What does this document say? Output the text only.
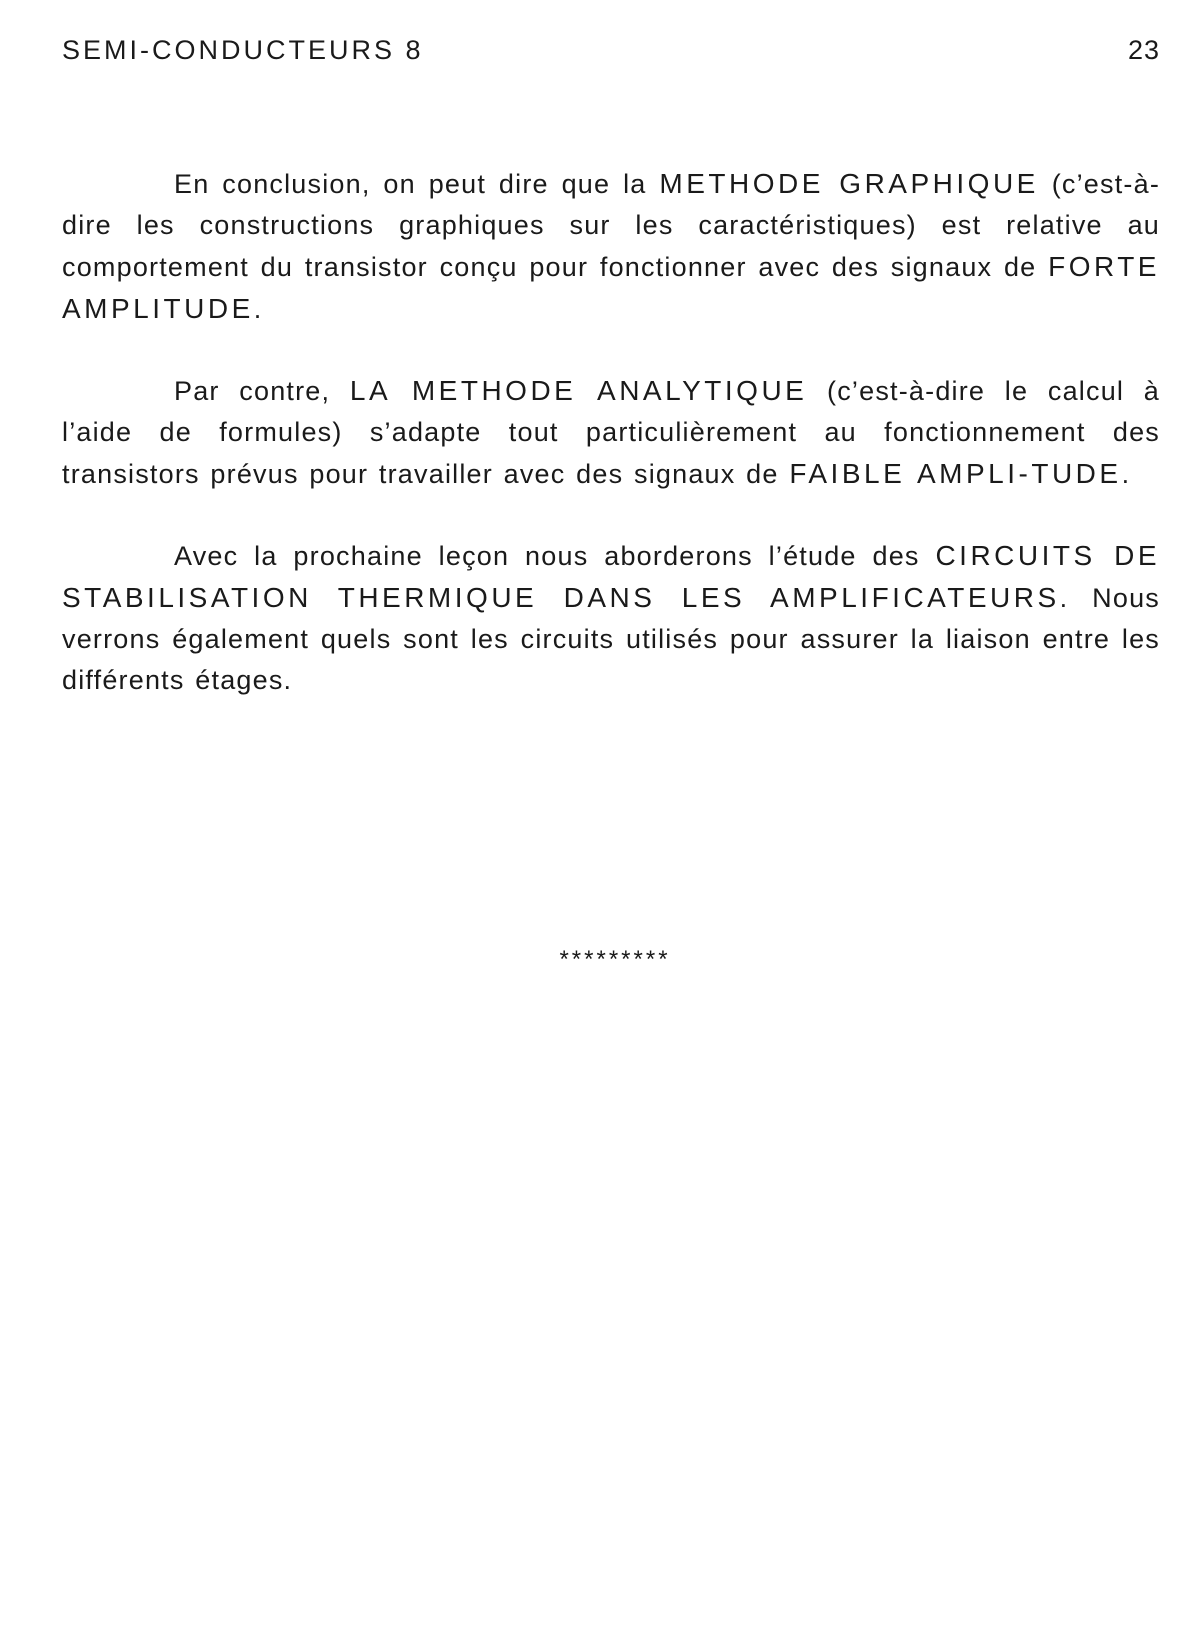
SEMI-CONDUCTEURS 8	23

En conclusion, on peut dire que la METHODE GRAPHIQUE (c’est-à-dire les constructions graphiques sur les caractéristiques) est relative au comportement du transistor conçu pour fonctionner avec des signaux de FORTE AMPLITUDE.

Par contre, LA METHODE ANALYTIQUE (c’est-à-dire le calcul à l’aide de formules) s’adapte tout particulièrement au fonctionnement des transistors prévus pour travailler avec des signaux de FAIBLE AMPLI-TUDE.

Avec la prochaine leçon nous aborderons l’étude des CIRCUITS DE STABILISATION THERMIQUE DANS LES AMPLIFICATEURS. Nous verrons également quels sont les circuits utilisés pour assurer la liaison entre les différents étages.

*********
